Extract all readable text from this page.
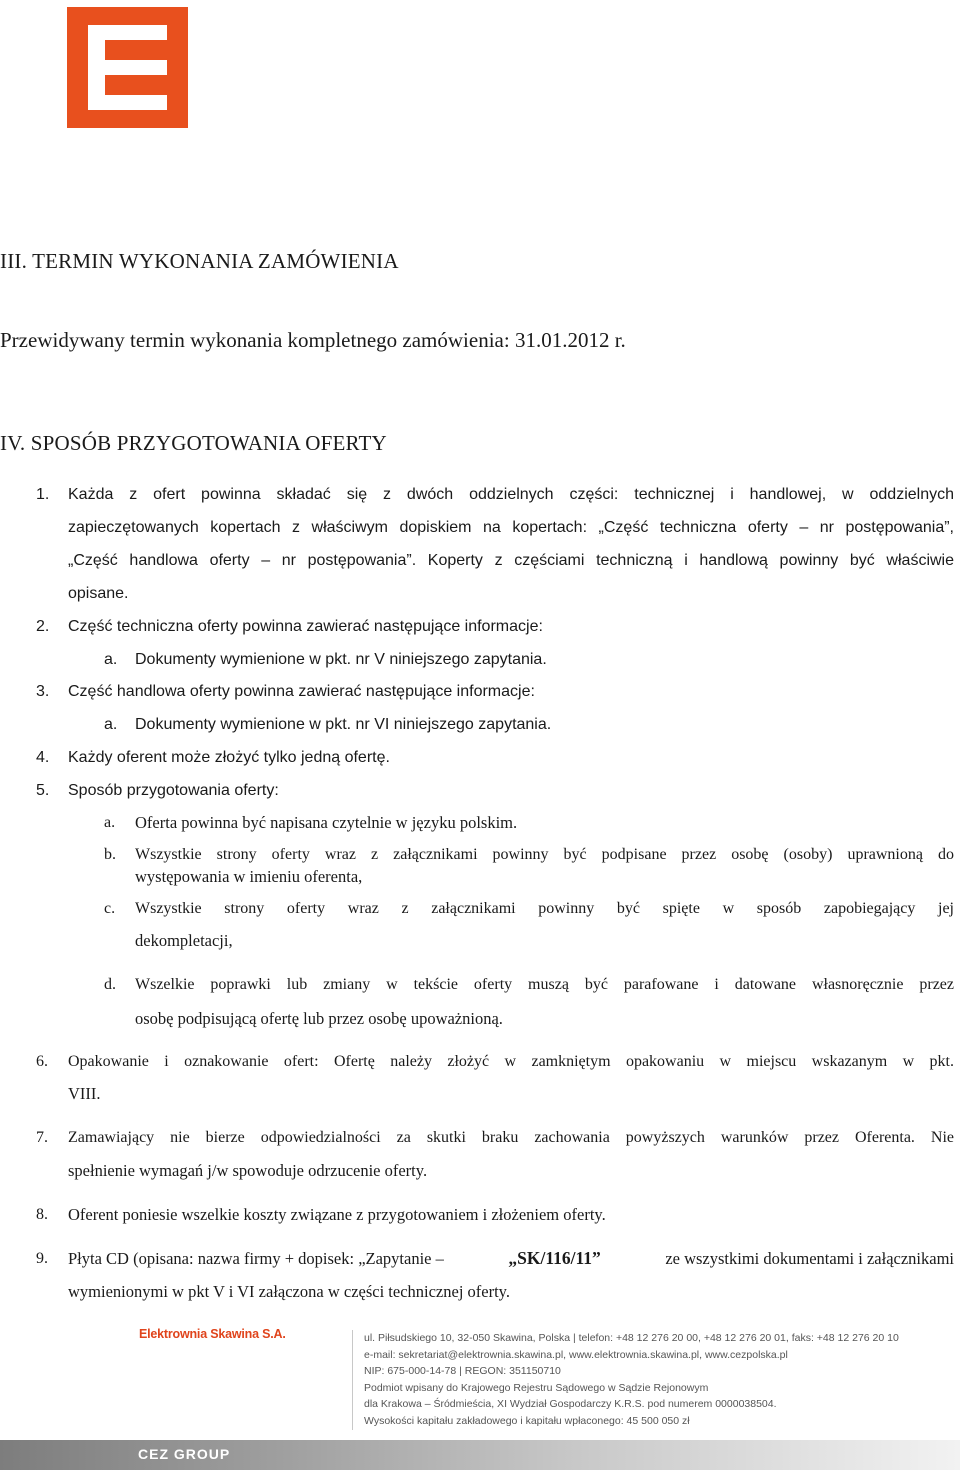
III. TERMIN WYKONANIA ZAMÓWIENIA
Przewidywany termin wykonania kompletnego zamówienia: 31.01.2012 r.
IV. SPOSÓB PRZYGOTOWANIA OFERTY
1. Każda z ofert powinna składać się z dwóch oddzielnych części: technicznej i handlowej, w oddzielnych
zapieczętowanych kopertach z właściwym dopiskiem na kopertach: „Część techniczna oferty – nr postępowania”,
„Część handlowa oferty – nr postępowania”. Koperty z częściami techniczną i handlową powinny być właściwie
opisane.
2. Część techniczna oferty powinna zawierać następujące informacje:
a. Dokumenty wymienione w pkt. nr V niniejszego zapytania.
3. Część handlowa oferty powinna zawierać następujące informacje:
a. Dokumenty wymienione w pkt. nr VI niniejszego zapytania.
4. Każdy oferent może złożyć tylko jedną ofertę.
5. Sposób przygotowania oferty:
a. Oferta powinna być napisana czytelnie w języku polskim.
b. Wszystkie strony oferty wraz z załącznikami powinny być podpisane przez osobę (osoby) uprawnioną do
występowania w imieniu oferenta,
c. Wszystkie strony oferty wraz z załącznikami powinny być spięte w sposób zapobiegający jej
dekompletacji,
d. Wszelkie poprawki lub zmiany w tekście oferty muszą być parafowane i datowane własnoręcznie przez
osobę podpisującą ofertę lub przez osobę upoważnioną.
6. Opakowanie i oznakowanie ofert: Ofertę należy złożyć w zamkniętym opakowaniu w miejscu wskazanym w pkt.
VIII.
7. Zamawiający nie bierze odpowiedzialności za skutki braku zachowania powyższych warunków przez Oferenta. Nie
spełnienie wymagań j/w spowoduje odrzucenie oferty.
8. Oferent poniesie wszelkie koszty związane z przygotowaniem i złożeniem oferty.
9. Płyta CD (opisana: nazwa firmy + dopisek: „Zapytanie –	„SK/116/11”	ze wszystkimi dokumentami i załącznikami
wymienionymi w pkt V i VI załączona w części technicznej oferty.
Elektrownia Skawina S.A.	ul. Piłsudskiego 10, 32-050 Skawina, Polska | telefon: +48 12 276 20 00, +48 12 276 20 01, faks: +48 12 276 20 10
e-mail: sekretariat@elektrownia.skawina.pl, www.elektrownia.skawina.pl, www.cezpolska.pl
NIP: 675-000-14-78 | REGON: 351150710
Podmiot wpisany do Krajowego Rejestru Sądowego w Sądzie Rejonowym
dla Krakowa – Śródmieścia, XI Wydział Gospodarczy K.R.S. pod numerem 0000038504.
Wysokości kapitału zakładowego i kapitału wpłaconego: 45 500 050 zł
CEZ GROUP
